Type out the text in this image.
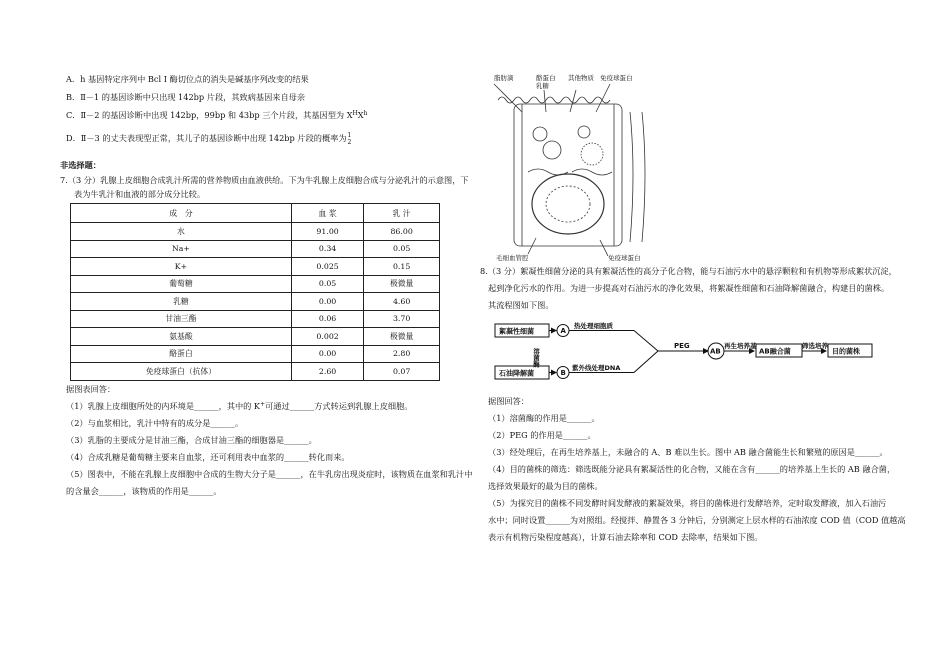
A．h 基因特定序列中 Bcl Ⅰ 酶切位点的消失是碱基序列改变的结果
B．Ⅱ－1 的基因诊断中只出现 142bp 片段，其致病基因来自母亲
C．Ⅱ－2 的基因诊断中出现 142bp，99bp 和 43bp 三个片段，其基因型为 $X^HX^h$
D．Ⅱ－3 的丈夫表现型正常，其儿子的基因诊断中出现 142bp 片段的概率为 1
2
非选择题：
7.（3 分）乳腺上皮细胞合成乳汁所需的营养物质由血液供给。下为牛乳腺上皮细胞合成与分泌乳汁的示意图，下
表为牛乳汁和血液的部分成分比较。
成　分	血 浆	乳 汁
水	91.00	86.00
Na+	0.34	0.05
K+	0.025	0.15
葡萄糖	0.05	极微量
乳糖	0.00	4.60
甘油三酯	0.06	3.70
氨基酸	0.002	极微量
酪蛋白	0.00	2.80
免疫球蛋白（抗体）	2.60	0.07
据图表回答：
（1）乳腺上皮细胞所处的内环境是______，其中的 K+可通过______方式转运到乳腺上皮细胞。
（2）与血浆相比，乳汁中特有的成分是______。
（3）乳脂的主要成分是甘油三酯，合成甘油三酯的细胞器是______。
（4）合成乳糖是葡萄糖主要来自血浆，还可利用表中血浆的______转化而来。
（5）图表中，不能在乳腺上皮细胞中合成的生物大分子是______，在牛乳房出现炎症时，该物质在血浆和乳汁中
的含量会______，该物质的作用是______。
脂肪滴	酪蛋白
乳糖
其他物质 免疫球蛋白
毛细血管腔	免疫球蛋白
8.（3 分）絮凝性细菌分泌的具有絮凝活性的高分子化合物，能与石油污水中的悬浮颗粒和有机物等形成絮状沉淀，
起到净化污水的作用。为进一步提高对石油污水的净化效果，将絮凝性细菌和石油降解菌融合，构建目的菌株。
其流程图如下图。
据图回答：
（1）溶菌酶的作用是______。
（2）PEG 的作用是______。
（3）经处理后，在再生培养基上，未融合的 A、B 难以生长。图中 AB 融合菌能生长和繁殖的原因是______。
（4）目的菌株的筛选：筛选既能分泌具有絮凝活性的化合物，又能在含有______的培养基上生长的 AB 融合菌，
选择效果最好的最为目的菌株。
（5）为探究目的菌株不同发酵时间发酵液的絮凝效果，将目的菌株进行发酵培养，定时取发酵液，加入石油污
水中；同时设置______为对照组。经搅拌、静置各 3 分钟后，分别测定上层水样的石油浓度 COD 值（COD 值越高
表示有机物污染程度越高），计算石油去除率和 COD 去除率，结果如下图。
絮凝性细菌
石油降解菌
A
B
溶菌酶
热处理细胞质
紫外线处理DNA
PEG
AB
再生培养基
AB融合菌
筛选培养
目的菌株
